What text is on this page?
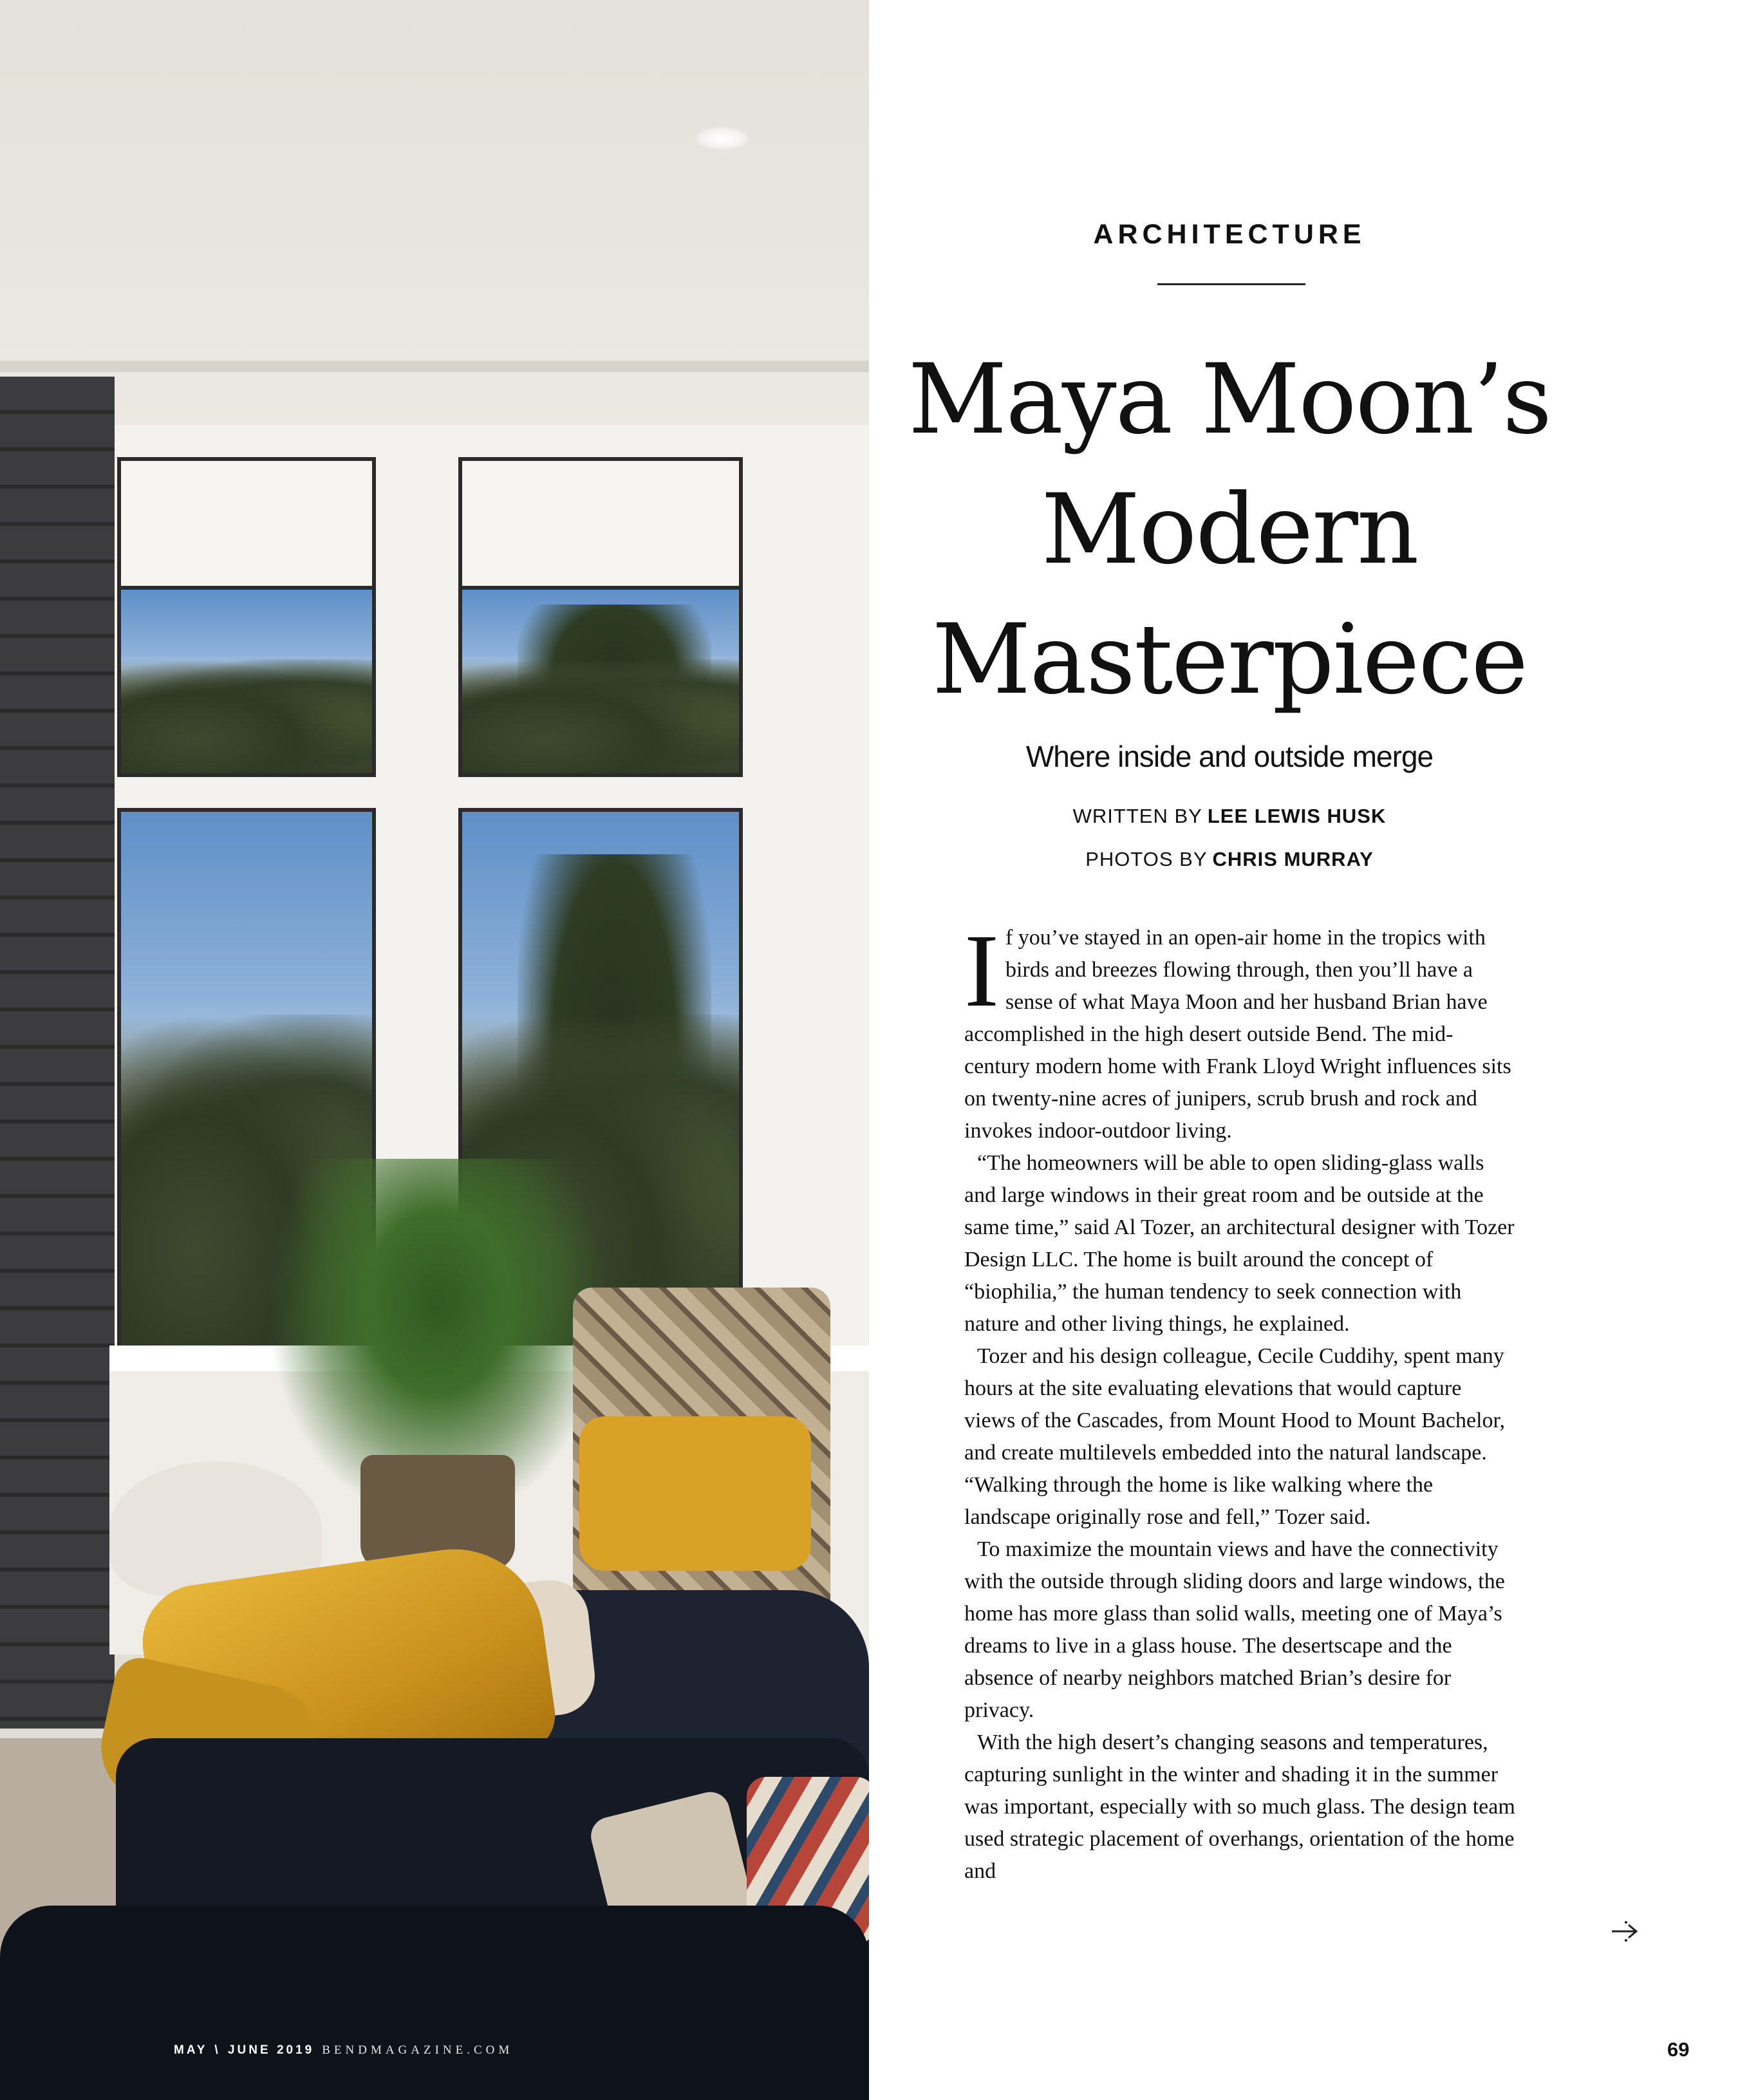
MAY \ JUNE 2019 BENDMAGAZINE.COM

ARCHITECTURE
Maya Moon’s Modern Masterpiece

Where inside and outside merge

WRITTEN BY LEE LEWIS HUSK

PHOTOS BY CHRIS MURRAY

If you’ve stayed in an open-air home in the tropics with birds and breezes flowing through, then you’ll have a sense of what Maya Moon and her husband Brian have accomplished in the high desert outside Bend. The mid-century modern home with Frank Lloyd Wright influences sits on twenty-nine acres of junipers, scrub brush and rock and invokes indoor-outdoor living.

“The homeowners will be able to open sliding-glass walls and large windows in their great room and be outside at the same time,” said Al Tozer, an architectural designer with Tozer Design LLC. The home is built around the concept of “biophilia,” the human tendency to seek connection with nature and other living things, he explained.

Tozer and his design colleague, Cecile Cuddihy, spent many hours at the site evaluating elevations that would capture views of the Cascades, from Mount Hood to Mount Bachelor, and create multilevels embedded into the natural landscape. “Walking through the home is like walking where the landscape originally rose and fell,” Tozer said.

To maximize the mountain views and have the connectivity with the outside through sliding doors and large windows, the home has more glass than solid walls, meeting one of Maya’s dreams to live in a glass house. The desertscape and the absence of nearby neighbors matched Brian’s desire for privacy.

With the high desert’s changing seasons and temperatures, capturing sunlight in the winter and shading it in the summer was important, especially with so much glass. The design team used strategic placement of overhangs, orientation of the home and

69
